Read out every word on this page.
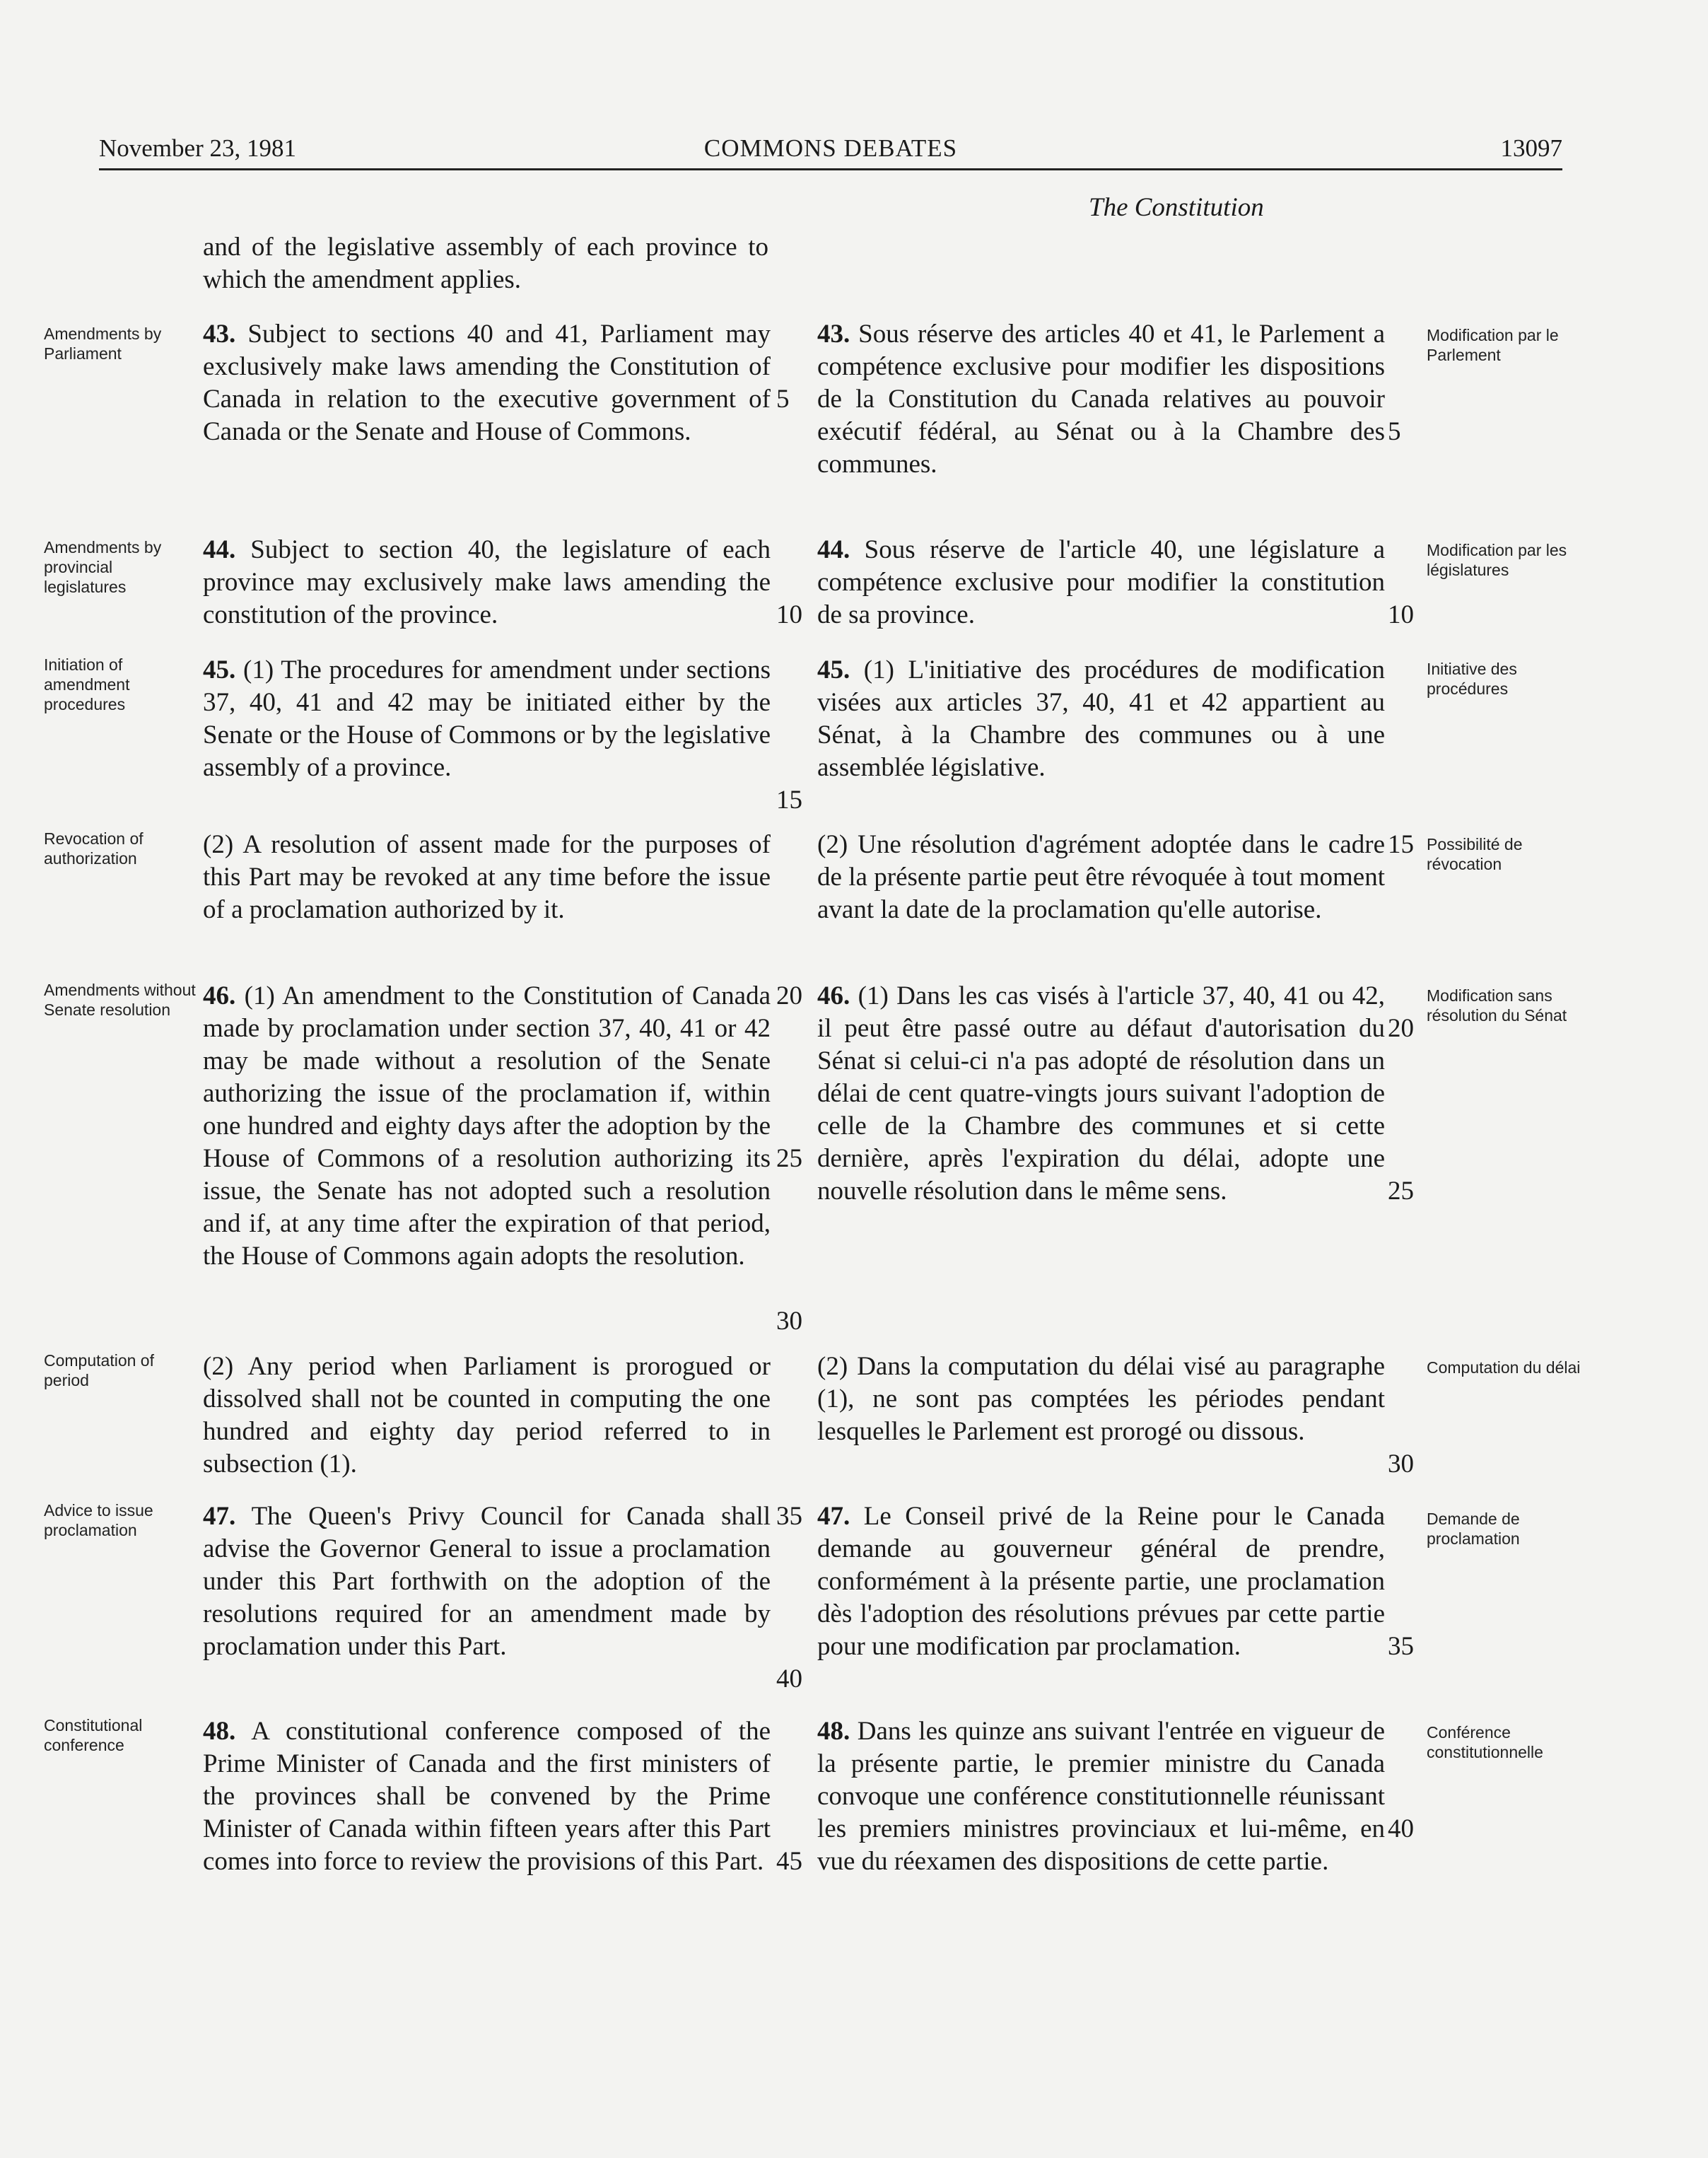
November 23, 1981	COMMONS DEBATES	13097
The Constitution
and of the legislative assembly of each province to which the amendment applies.
Amendments by Parliament
43. Subject to sections 40 and 41, Parliament may exclusively make laws amending the Constitution of Canada in relation to the executive government of Canada or the Senate and House of Commons.
43. Sous réserve des articles 40 et 41, le Parlement a compétence exclusive pour modifier les dispositions de la Constitution du Canada relatives au pouvoir exécutif fédéral, au Sénat ou à la Chambre des communes.
Modification par le Parlement
Amendments by provincial legislatures
44. Subject to section 40, the legislature of each province may exclusively make laws amending the constitution of the province.
44. Sous réserve de l'article 40, une législature a compétence exclusive pour modifier la constitution de sa province.
Modification par les législatures
Initiation of amendment procedures
45. (1) The procedures for amendment under sections 37, 40, 41 and 42 may be initiated either by the Senate or the House of Commons or by the legislative assembly of a province.
45. (1) L'initiative des procédures de modification visées aux articles 37, 40, 41 et 42 appartient au Sénat, à la Chambre des communes ou à une assemblée législative.
Initiative des procédures
Revocation of authorization	(2) A resolution of assent made for the purposes of this Part may be revoked at any time before the issue of a proclamation authorized by it.
(2) Une résolution d'agrément adoptée dans le cadre de la présente partie peut être révoquée à tout moment avant la date de la proclamation qu'elle autorise.
Possibilité de révocation
Amendments without Senate resolution	46. (1) An amendment to the Constitution of Canada made by proclamation under section 37, 40, 41 or 42 may be made without a resolution of the Senate authorizing the issue of the proclamation if, within one hundred and eighty days after the adoption by the House of Commons of a resolution authorizing its issue, the Senate has not adopted such a resolution and if, at any time after the expiration of that period, the House of Commons again adopts the resolution.
46. (1) Dans les cas visés à l'article 37, 40, 41 ou 42, il peut être passé outre au défaut d'autorisation du Sénat si celui-ci n'a pas adopté de résolution dans un délai de cent quatre-vingts jours suivant l'adoption de celle de la Chambre des communes et si cette dernière, après l'expiration du délai, adopte une nouvelle résolution dans le même sens.
Modification sans résolution du Sénat
Computation of period	(2) Any period when Parliament is prorogued or dissolved shall not be counted in computing the one hundred and eighty day period referred to in subsection (1).
(2) Dans la computation du délai visé au paragraphe (1), ne sont pas comptées les périodes pendant lesquelles le Parlement est prorogé ou dissous.
Computation du délai
Advice to issue proclamation	47. The Queen's Privy Council for Canada shall advise the Governor General to issue a proclamation under this Part forthwith on the adoption of the resolutions required for an amendment made by proclamation under this Part.
47. Le Conseil privé de la Reine pour le Canada demande au gouverneur général de prendre, conformément à la présente partie, une proclamation dès l'adoption des résolutions prévues par cette partie pour une modification par proclamation.
Demande de proclamation
Constitutional conference	48. A constitutional conference composed of the Prime Minister of Canada and the first ministers of the provinces shall be convened by the Prime Minister of Canada within fifteen years after this Part comes into force to review the provisions of this Part.
48. Dans les quinze ans suivant l'entrée en vigueur de la présente partie, le premier ministre du Canada convoque une conférence constitutionnelle réunissant les premiers ministres provinciaux et lui-même, en vue du réexamen des dispositions de cette partie.
Conférence constitutionnelle
5
10
15
20
25
30
35
40
45
5
10
15
20
25
30
35
40
